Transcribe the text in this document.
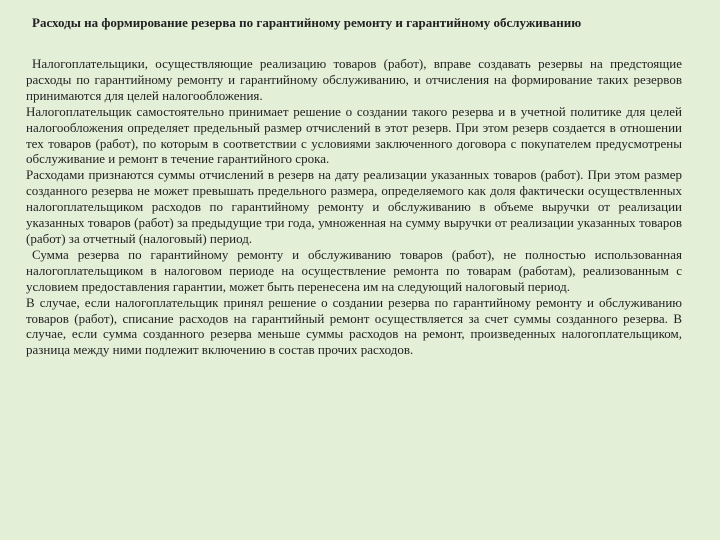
Расходы на формирование резерва по гарантийному ремонту и гарантийному обслуживанию

Налогоплательщики, осуществляющие реализацию товаров (работ), вправе создавать резервы на предстоящие расходы по гарантийному ремонту и гарантийному обслуживанию, и отчисления на формирование таких резервов принимаются для целей налогообложения.

Налогоплательщик самостоятельно принимает решение о создании такого резерва и в учетной политике для целей налогообложения определяет предельный размер отчислений в этот резерв. При этом резерв создается в отношении тех товаров (работ), по которым в соответствии с условиями заключенного договора с покупателем предусмотрены обслуживание и ремонт в течение гарантийного срока.

Расходами признаются суммы отчислений в резерв на дату реализации указанных товаров (работ). При этом размер созданного резерва не может превышать предельного размера, определяемого как доля фактически осуществленных налогоплательщиком расходов по гарантийному ремонту и обслуживанию в объеме выручки от реализации указанных товаров (работ) за предыдущие три года, умноженная на сумму выручки от реализации указанных товаров (работ) за отчетный (налоговый) период.

Сумма резерва по гарантийному ремонту и обслуживанию товаров (работ), не полностью использованная налогоплательщиком в налоговом периоде на осуществление ремонта по товарам (работам), реализованным с условием предоставления гарантии, может быть перенесена им на следующий налоговый период.

В случае, если налогоплательщик принял решение о создании резерва по гарантийному ремонту и обслуживанию товаров (работ), списание расходов на гарантийный ремонт осуществляется за счет суммы созданного резерва. В случае, если сумма созданного резерва меньше суммы расходов на ремонт, произведенных налогоплательщиком, разница между ними подлежит включению в состав прочих расходов.
